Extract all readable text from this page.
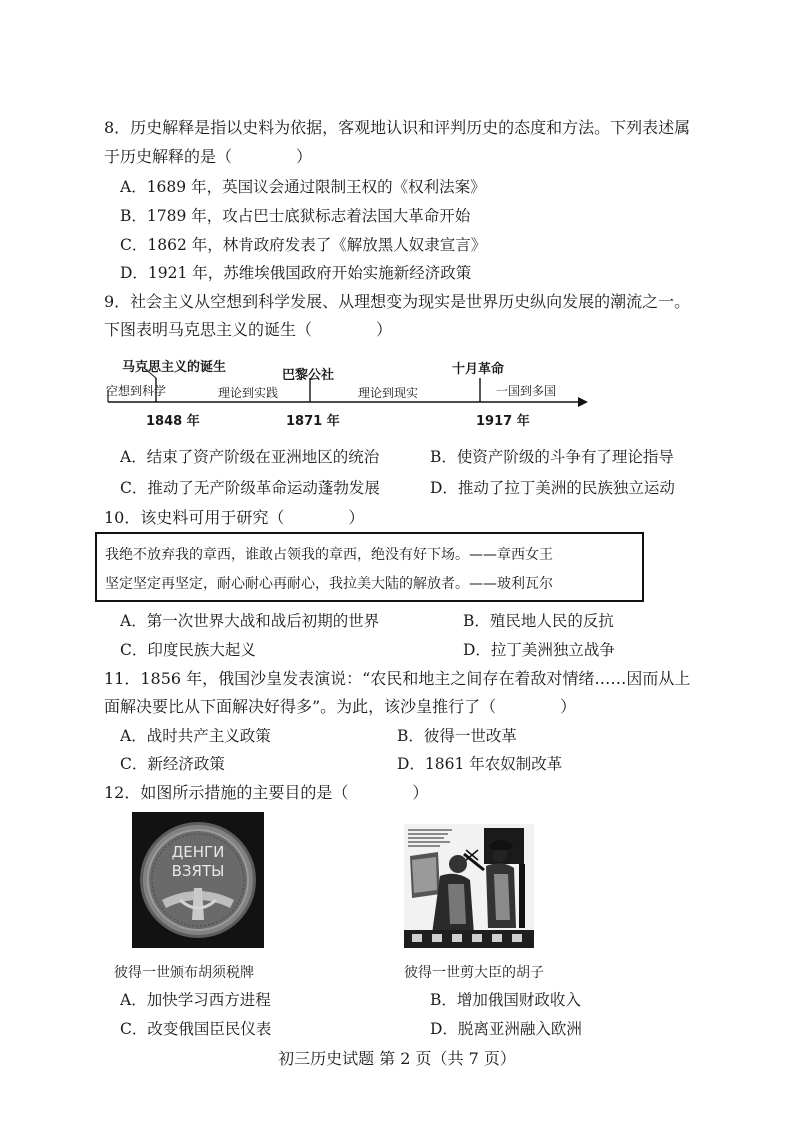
8．历史解释是指以史料为依据，客观地认识和评判历史的态度和方法。下列表述属
于历史解释的是（　　　　）
A．1689 年，英国议会通过限制王权的《权利法案》
B．1789 年，攻占巴士底狱标志着法国大革命开始
C．1862 年，林肯政府发表了《解放黑人奴隶宣言》
D．1921 年，苏维埃俄国政府开始实施新经济政策
9．社会主义从空想到科学发展、从理想变为现实是世界历史纵向发展的潮流之一。
下图表明马克思主义的诞生（　　　　）
马克思主义的诞生
巴黎公社	十月革命
空想到科学	理论到实践	理论到现实	一国到多国
1848 年	1871 年	1917 年
A．结束了资产阶级在亚洲地区的统治	B．使资产阶级的斗争有了理论指导
C．推动了无产阶级革命运动蓬勃发展	D．推动了拉丁美洲的民族独立运动
10．该史料可用于研究（　　　　）
我绝不放弃我的章西，谁敢占领我的章西，绝没有好下场。——章西女王
坚定坚定再坚定，耐心耐心再耐心，我拉美大陆的解放者。——玻利瓦尔
A．第一次世界大战和战后初期的世界	B．殖民地人民的反抗
C．印度民族大起义	D．拉丁美洲独立战争
11．1856 年，俄国沙皇发表演说：“农民和地主之间存在着敌对情绪……因而从上
面解决要比从下面解决好得多”。为此，该沙皇推行了（　　　　）
A．战时共产主义政策	B．彼得一世改革
C．新经济政策	D．1861 年农奴制改革
12．如图所示措施的主要目的是（　　　　）
ДЕНГИ
ВЗЯТЫ
彼得一世颁布胡须税牌	彼得一世剪大臣的胡子
A．加快学习西方进程	B．增加俄国财政收入
C．改变俄国臣民仪表	D．脱离亚洲融入欧洲
初三历史试题 第 2 页（共 7 页）
